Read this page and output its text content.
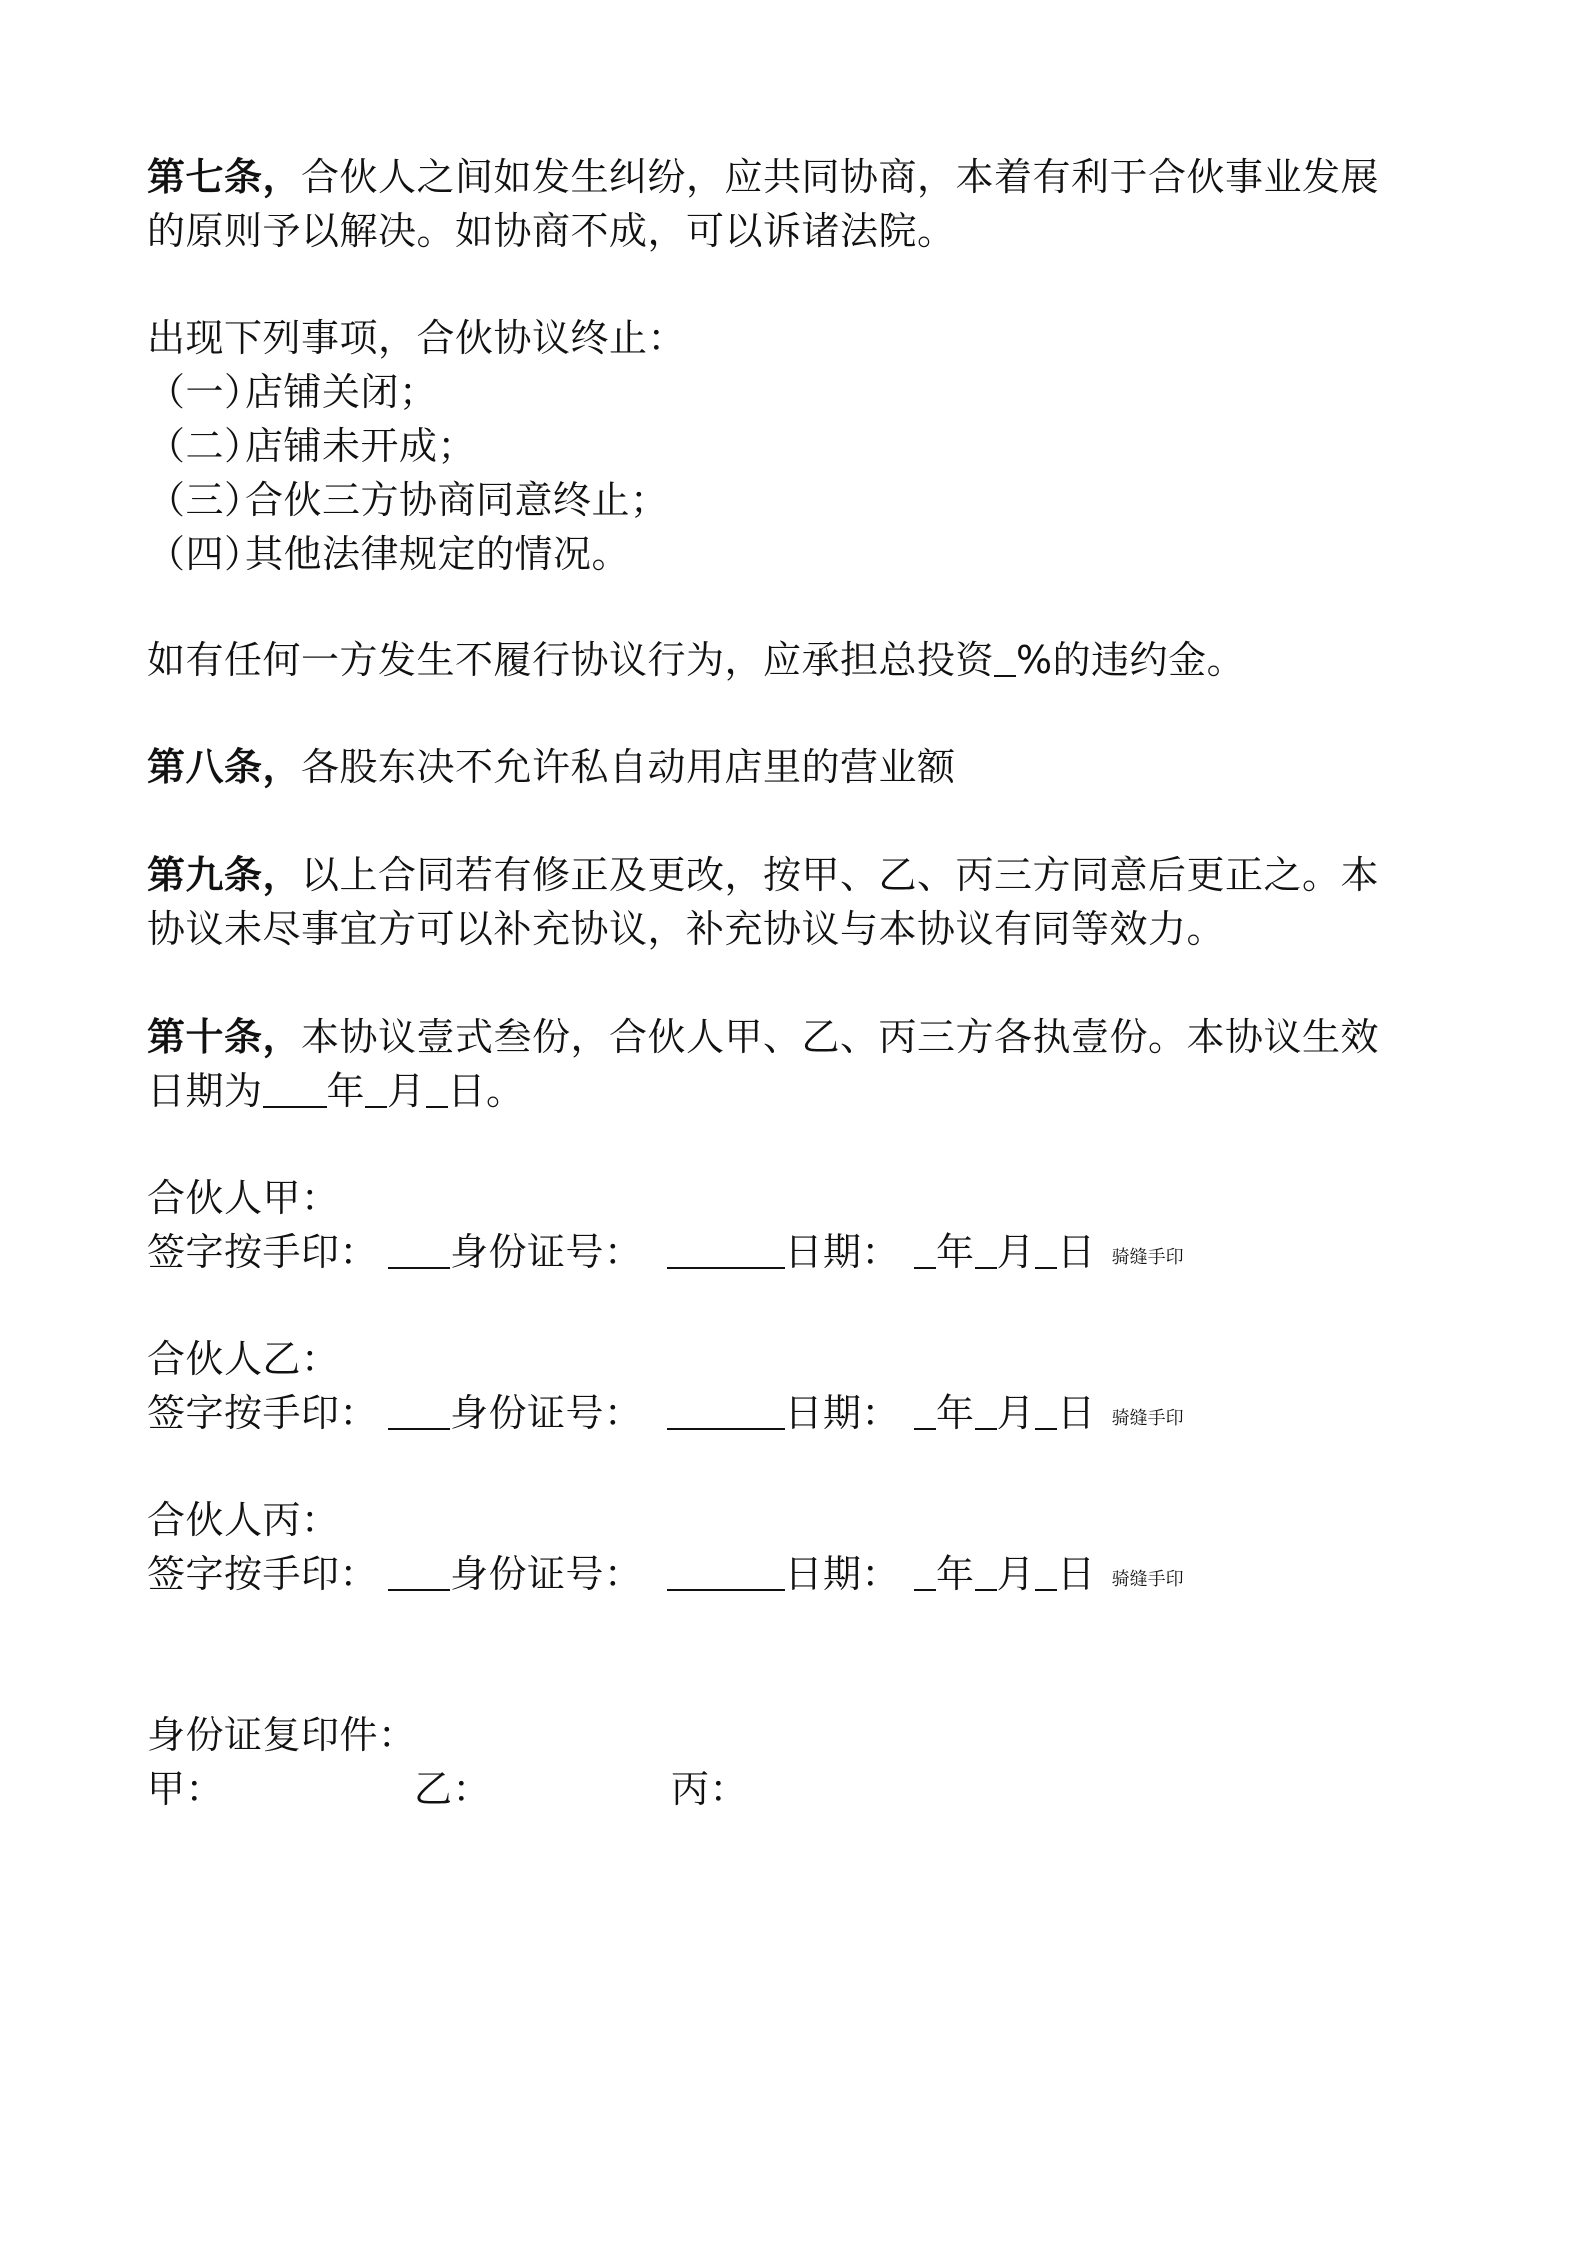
第七条，合伙人之间如发生纠纷，应共同协商，本着有利于合伙事业发展
的原则予以解决。如协商不成，可以诉诸法院。
出现下列事项，合伙协议终止：
（一）店铺关闭；
（二）店铺未开成；
（三）合伙三方协商同意终止；
（四）其他法律规定的情况。
如有任何一方发生不履行协议行为，应承担总投资 %的违约金。
第八条，各股东决不允许私自动用店里的营业额
第九条，以上合同若有修正及更改，按甲、乙、丙三方同意后更正之。本
协议未尽事宜方可以补充协议，补充协议与本协议有同等效力。
第十条，本协议壹式叁份，合伙人甲、乙、丙三方各执壹份。本协议生效
日期为 年 月 日。
合伙人甲：
签字按手印： 身份证号：	日期： 年 月 日 骑缝手印
合伙人乙：
签字按手印： 身份证号：	日期： 年 月 日 骑缝手印
合伙人丙：
签字按手印： 身份证号：	日期： 年 月 日 骑缝手印
身份证复印件：
甲：	乙：	丙：
